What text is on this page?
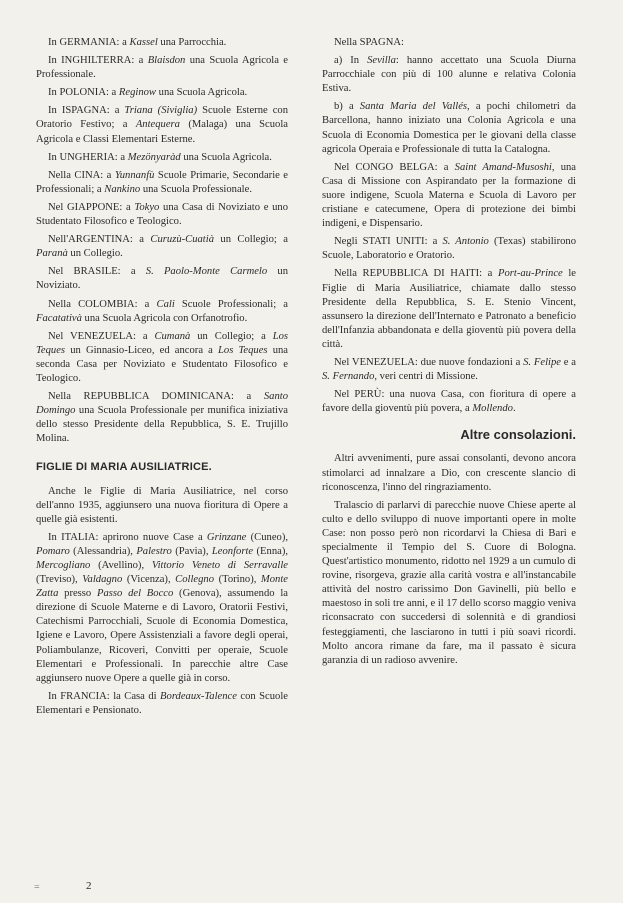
In GERMANIA: a Kassel una Parrocchia.

In INGHILTERRA: a Blaisdon una Scuola Agricola e Professionale.

In POLONIA: a Reginow una Scuola Agricola.

In ISPAGNA: a Triana (Siviglia) Scuole Esterne con Oratorio Festivo; a Antequera (Malaga) una Scuola Agricola e Classi Elementari Esterne.

In UNGHERIA: a Mezönyaràd una Scuola Agricola.

Nella CINA: a Yunnanfù Scuole Primarie, Secondarie e Professionali; a Nankino una Scuola Professionale.

Nel GIAPPONE: a Tokyo una Casa di Noviziato e uno Studentato Filosofico e Teologico.

Nell'ARGENTINA: a Curuzù-Cuatià un Collegio; a Paranà un Collegio.

Nel BRASILE: a S. Paolo-Monte Carmelo un Noviziato.

Nella COLOMBIA: a Cali Scuole Professionali; a Facatativà una Scuola Agricola con Orfanotrofio.

Nel VENEZUELA: a Cumanà un Collegio; a Los Teques un Ginnasio-Liceo, ed ancora a Los Teques una seconda Casa per Noviziato e Studentato Filosofico e Teologico.

Nella REPUBBLICA DOMINICANA: a Santo Domingo una Scuola Professionale per munifica iniziativa dello stesso Presidente della Repubblica, S. E. Trujillo Molina.

FIGLIE DI MARIA AUSILIATRICE.

Anche le Figlie di Maria Ausiliatrice, nel corso dell'anno 1935, aggiunsero una nuova fioritura di Opere a quelle già esistenti.

In ITALIA: aprirono nuove Case a Grinzane (Cuneo), Pomaro (Alessandria), Palestro (Pavia), Leonforte (Enna), Mercogliano (Avellino), Vittorio Veneto di Serravalle (Treviso), Valdagno (Vicenza), Collegno (Torino), Monte Zatta presso Passo del Bocco (Genova), assumendo la direzione di Scuole Materne e di Lavoro, Oratorii Festivi, Catechismi Parrocchiali, Scuole di Economia Domestica, Igiene e Lavoro, Opere Assistenziali a favore degli operai, Poliambulanze, Ricoveri, Convitti per operaie, Scuole Elementari e Professionali. In parecchie altre Case aggiunsero nuove Opere a quelle già in corso.

In FRANCIA: la Casa di Bordeaux-Talence con Scuole Elementari e Pensionato.

Nella SPAGNA:

a) In Sevilla: hanno accettato una Scuola Diurna Parrocchiale con più di 100 alunne e relativa Colonia Estiva.

b) a Santa Maria del Vallés, a pochi chilometri da Barcellona, hanno iniziato una Colonia Agricola e una Scuola di Economia Domestica per le giovani della classe agricola Operaia e Professionale di tutta la Catalogna.

Nel CONGO BELGA: a Saint Amand-Musoshi, una Casa di Missione con Aspirandato per la formazione di suore indigene, Scuola Materna e Scuola di Lavoro per cristiane e catecumene, Opera di protezione dei bimbi indigeni, e Dispensario.

Negli STATI UNITI: a S. Antonio (Texas) stabilirono Scuole, Laboratorio e Oratorio.

Nella REPUBBLICA DI HAITI: a Port-au-Prince le Figlie di Maria Ausiliatrice, chiamate dallo stesso Presidente della Repubblica, S. E. Stenio Vincent, assunsero la direzione dell'Internato e Patronato a beneficio dell'Infanzia abbandonata e della gioventù più povera della città.

Nel VENEZUELA: due nuove fondazioni a S. Felipe e a S. Fernando, veri centri di Missione.

Nel PERÙ: una nuova Casa, con fioritura di opere a favore della gioventù più povera, a Mollendo.

Altre consolazioni.

Altri avvenimenti, pure assai consolanti, devono ancora stimolarci ad innalzare a Dio, con crescente slancio di riconoscenza, l'inno del ringraziamento.

Tralascio di parlarvi di parecchie nuove Chiese aperte al culto e dello sviluppo di nuove importanti opere in molte Case: non posso però non ricordarvi la Chiesa di Bari e specialmente il Tempio del S. Cuore di Bologna. Quest'artistico monumento, ridotto nel 1929 a un cumulo di rovine, risorgeva, grazie alla carità vostra e all'instancabile attività del nostro carissimo Don Gavinelli, più bello e maestoso in soli tre anni, e il 17 dello scorso maggio veniva riconsacrato con succedersi di solennità e di grandiosi festeggiamenti, che lasciarono in tutti i più soavi ricordi. Molto ancora rimane da fare, ma il passato è sicura garanzia di un radioso avvenire.

=	2
